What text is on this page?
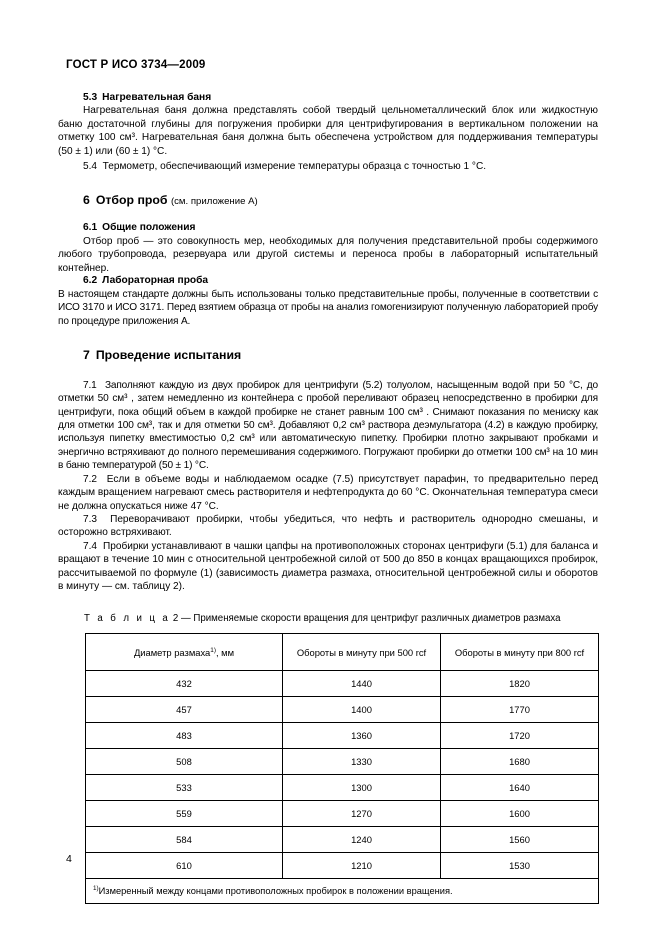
ГОСТ Р ИСО 3734—2009
5.3 Нагревательная баня

Нагревательная баня должна представлять собой твердый цельнометаллический блок или жидкостную баню достаточной глубины для погружения пробирки для центрифугирования в вертикальном положении на отметку 100 см³. Нагревательная баня должна быть обеспечена устройством для поддерживания температуры (50 ± 1) или (60 ± 1) °C.

5.4 Термометр, обеспечивающий измерение температуры образца с точностью 1 °C.

6 Отбор проб (см. приложение А)
6.1 Общие положения

Отбор проб — это совокупность мер, необходимых для получения представительной пробы содержимого любого трубопровода, резервуара или другой системы и переноса пробы в лабораторный испытательный контейнер.

6.2 Лабораторная проба

В настоящем стандарте должны быть использованы только представительные пробы, полученные в соответствии с ИСО 3170 и ИСО 3171. Перед взятием образца от пробы на анализ гомогенизируют полученную лабораторией пробу по процедуре приложения А.

7 Проведение испытания

7.1 Заполняют каждую из двух пробирок для центрифуги (5.2) толуолом, насыщенным водой при 50 °C, до отметки 50 см³ , затем немедленно из контейнера с пробой переливают образец непосредственно в пробирки для центрифуги, пока общий объем в каждой пробирке не станет равным 100 см³ . Снимают показания по мениску как для отметки 100 см³, так и для отметки 50 см³. Добавляют 0,2 см³ раствора деэмульгатора (4.2) в каждую пробирку, используя пипетку вместимостью 0,2 см³ или автоматическую пипетку. Пробирки плотно закрывают пробками и энергично встряхивают до полного перемешивания содержимого. Погружают пробирки до отметки 100 см³ на 10 мин в баню температурой (50 ± 1) °C.

7.2 Если в объеме воды и наблюдаемом осадке (7.5) присутствует парафин, то предварительно перед каждым вращением нагревают смесь растворителя и нефтепродукта до 60 °C. Окончательная температура смеси не должна опускаться ниже 47 °C.

7.3 Переворачивают пробирки, чтобы убедиться, что нефть и растворитель однородно смешаны, и осторожно встряхивают.

7.4 Пробирки устанавливают в чашки цапфы на противоположных сторонах центрифуги (5.1) для баланса и вращают в течение 10 мин с относительной центробежной силой от 500 до 850 в концах вращающихся пробирок, рассчитываемой по формуле (1) (зависимость диаметра размаха, относительной центробежной силы и оборотов в минуту — см. таблицу 2).

Т а б л и ц а 2 — Применяемые скорости вращения для центрифуг различных диаметров размаха
Диаметр размаха$^{1)}$, мм	Обороты в минуту при 500 rcf	Обороты в минуту при 800 rcf
432	1440	1820
457	1400	1770
483	1360	1720
508	1330	1680
533	1300	1640
559	1270	1600
584	1240	1560
610	1210	1530
$^{1)}$Измеренный между концами противоположных пробирок в положении вращения.		
4
